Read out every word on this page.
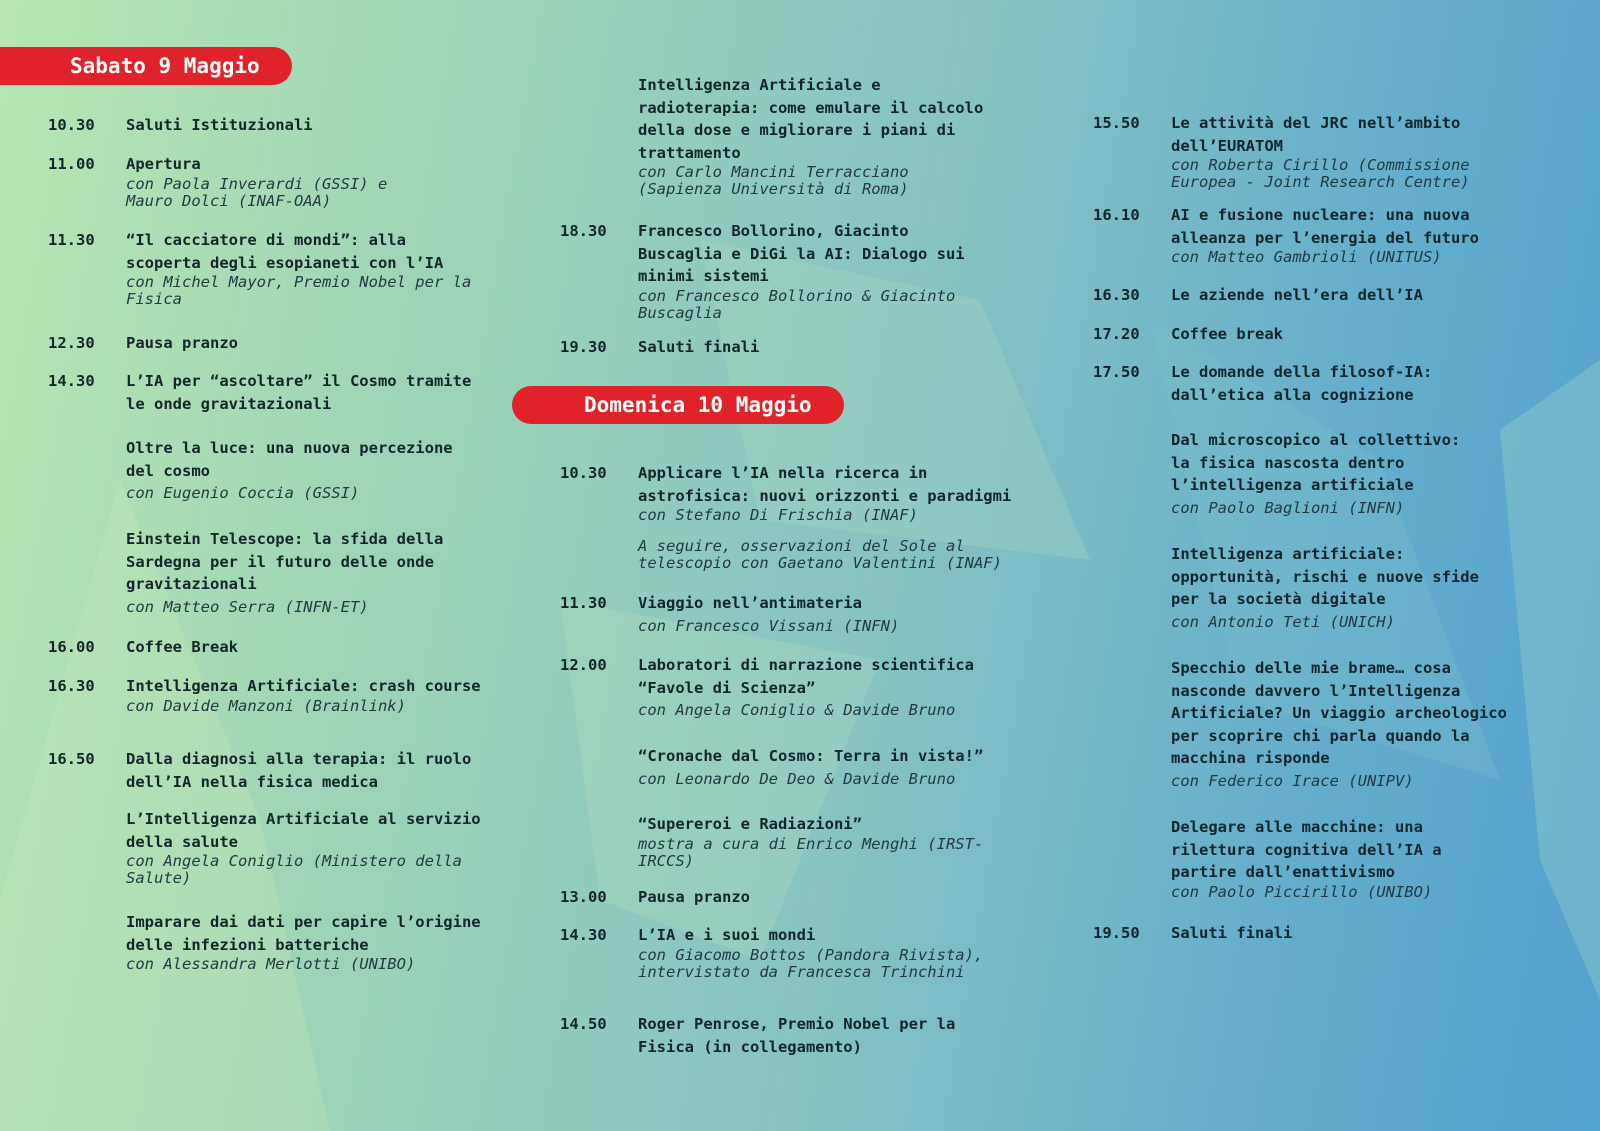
Sabato 9 Maggio
Domenica 10 Maggio
10.30	Saluti Istituzionali
11.00	Apertura
con Paola Inverardi (GSSI) e
Mauro Dolci (INAF-OAA)
11.30	“Il cacciatore di mondi”: alla
scoperta degli esopianeti con l’IA
con Michel Mayor, Premio Nobel per la
Fisica
12.30	Pausa pranzo
14.30	L’IA per “ascoltare” il Cosmo tramite
le onde gravitazionali
Oltre la luce: una nuova percezione
del cosmo
con Eugenio Coccia (GSSI)
Einstein Telescope: la sfida della
Sardegna per il futuro delle onde
gravitazionali
con Matteo Serra (INFN-ET)
16.00	Coffee Break
16.30	Intelligenza Artificiale: crash course
con Davide Manzoni (Brainlink)
16.50	Dalla diagnosi alla terapia: il ruolo
dell’IA nella fisica medica
L’Intelligenza Artificiale al servizio
della salute
con Angela Coniglio (Ministero della
Salute)
Imparare dai dati per capire l’origine
delle infezioni batteriche
con Alessandra Merlotti (UNIBO)
Intelligenza Artificiale e
radioterapia: come emulare il calcolo
della dose e migliorare i piani di
trattamento
con Carlo Mancini Terracciano
(Sapienza Università di Roma)
18.30	Francesco Bollorino, Giacinto
Buscaglia e DiGi la AI: Dialogo sui
minimi sistemi
con Francesco Bollorino & Giacinto
Buscaglia
19.30	Saluti finali
10.30	Applicare l’IA nella ricerca in
astrofisica: nuovi orizzonti e paradigmi
con Stefano Di Frischia (INAF)
A seguire, osservazioni del Sole al
telescopio con Gaetano Valentini (INAF)
11.30	Viaggio nell’antimateria
con Francesco Vissani (INFN)
12.00	Laboratori di narrazione scientifica
“Favole di Scienza”
con Angela Coniglio & Davide Bruno
“Cronache dal Cosmo: Terra in vista!”
con Leonardo De Deo & Davide Bruno
“Supereroi e Radiazioni”
mostra a cura di Enrico Menghi (IRST-
IRCCS)
13.00	Pausa pranzo
14.30	L’IA e i suoi mondi
con Giacomo Bottos (Pandora Rivista),
intervistato da Francesca Trinchini
14.50	Roger Penrose, Premio Nobel per la
Fisica (in collegamento)
15.50	Le attività del JRC nell’ambito
dell’EURATOM
con Roberta Cirillo (Commissione
Europea - Joint Research Centre)
16.10	AI e fusione nucleare: una nuova
alleanza per l’energia del futuro
con Matteo Gambrioli (UNITUS)
16.30	Le aziende nell’era dell’IA
17.20	Coffee break
17.50	Le domande della filosof-IA:
dall’etica alla cognizione
Dal microscopico al collettivo:
la fisica nascosta dentro
l’intelligenza artificiale
con Paolo Baglioni (INFN)
Intelligenza artificiale:
opportunità, rischi e nuove sfide
per la società digitale
con Antonio Teti (UNICH)
Specchio delle mie brame… cosa
nasconde davvero l’Intelligenza
Artificiale? Un viaggio archeologico
per scoprire chi parla quando la
macchina risponde
con Federico Irace (UNIPV)
Delegare alle macchine: una
rilettura cognitiva dell’IA a
partire dall’enattivismo
con Paolo Piccirillo (UNIBO)
19.50	Saluti finali
